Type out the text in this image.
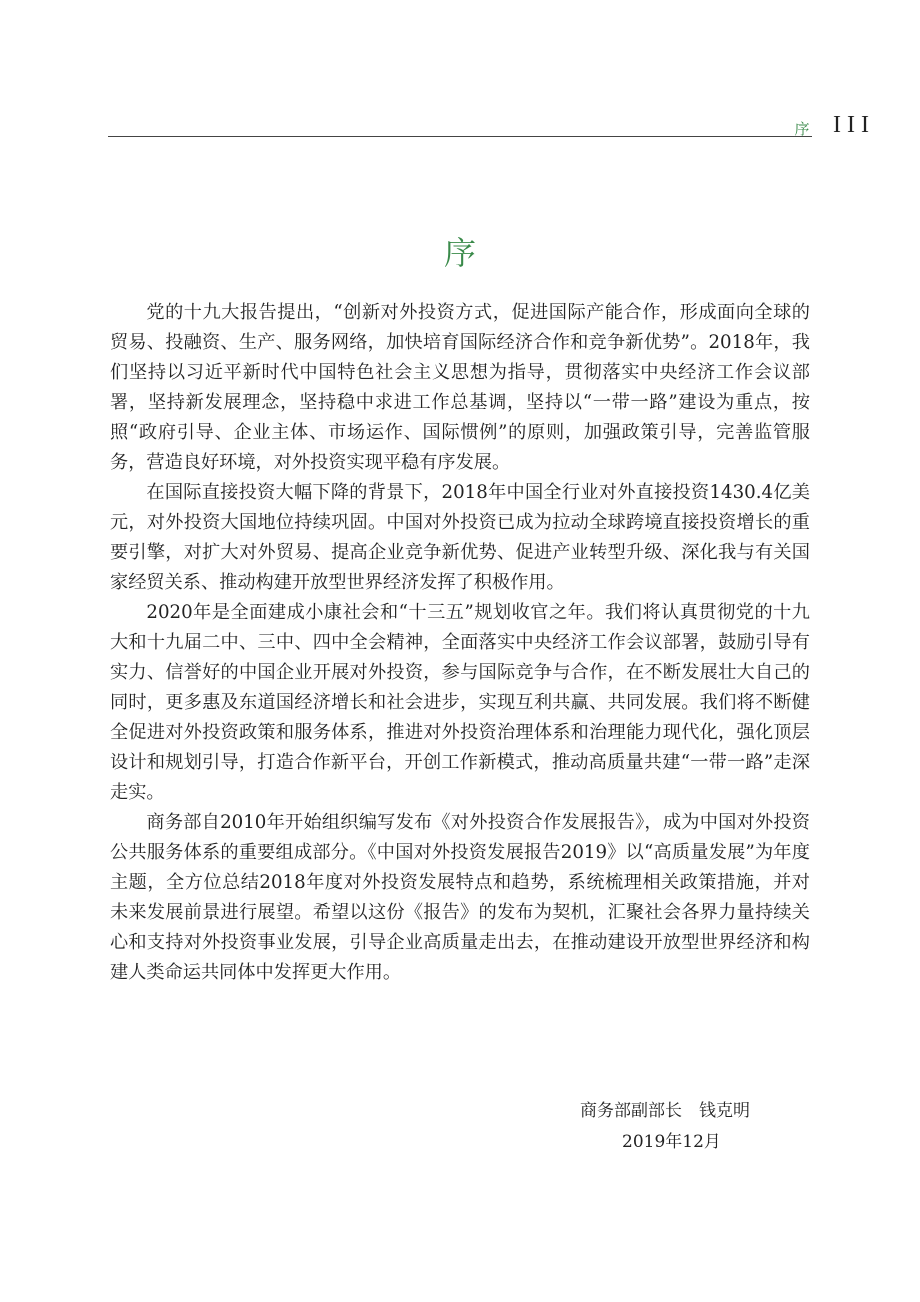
序 III
序

党的十九大报告提出，“创新对外投资方式，促进国际产能合作，形成面向全球的贸易、投融资、生产、服务网络，加快培育国际经济合作和竞争新优势”。2018年，我们坚持以习近平新时代中国特色社会主义思想为指导，贯彻落实中央经济工作会议部署，坚持新发展理念，坚持稳中求进工作总基调，坚持以“一带一路”建设为重点，按照“政府引导、企业主体、市场运作、国际惯例”的原则，加强政策引导，完善监管服务，营造良好环境，对外投资实现平稳有序发展。

在国际直接投资大幅下降的背景下，2018年中国全行业对外直接投资1430.4亿美元，对外投资大国地位持续巩固。中国对外投资已成为拉动全球跨境直接投资增长的重要引擎，对扩大对外贸易、提高企业竞争新优势、促进产业转型升级、深化我与有关国家经贸关系、推动构建开放型世界经济发挥了积极作用。

2020年是全面建成小康社会和“十三五”规划收官之年。我们将认真贯彻党的十九大和十九届二中、三中、四中全会精神，全面落实中央经济工作会议部署，鼓励引导有实力、信誉好的中国企业开展对外投资，参与国际竞争与合作，在不断发展壮大自己的同时，更多惠及东道国经济增长和社会进步，实现互利共赢、共同发展。我们将不断健全促进对外投资政策和服务体系，推进对外投资治理体系和治理能力现代化，强化顶层设计和规划引导，打造合作新平台，开创工作新模式，推动高质量共建“一带一路”走深走实。

商务部自2010年开始组织编写发布《对外投资合作发展报告》，成为中国对外投资公共服务体系的重要组成部分。《中国对外投资发展报告2019》以“高质量发展”为年度主题，全方位总结2018年度对外投资发展特点和趋势，系统梳理相关政策措施，并对未来发展前景进行展望。希望以这份《报告》的发布为契机，汇聚社会各界力量持续关心和支持对外投资事业发展，引导企业高质量走出去，在推动建设开放型世界经济和构建人类命运共同体中发挥更大作用。

商务部副部长　钱克明
2019年12月
